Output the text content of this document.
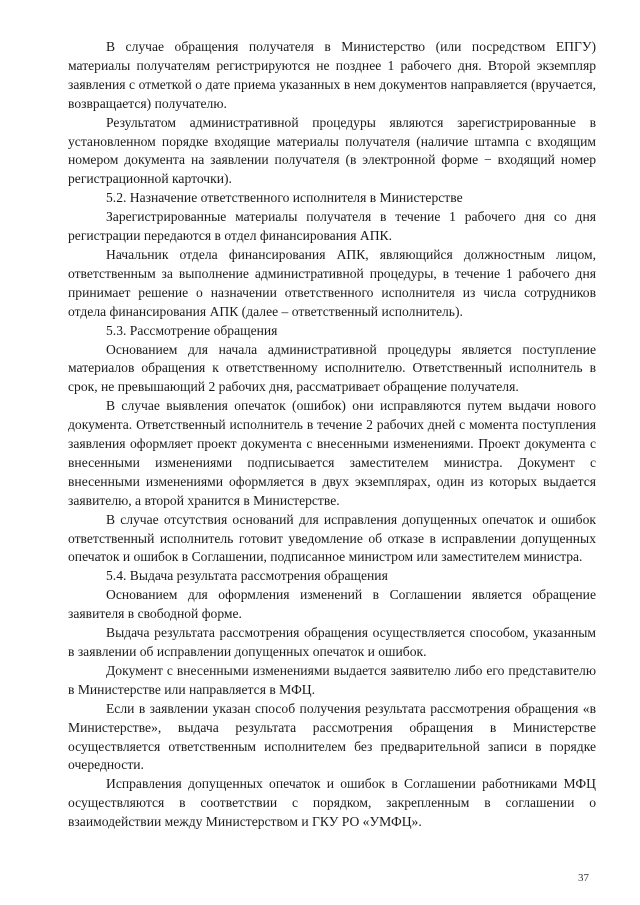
В случае обращения получателя в Министерство (или посредством ЕПГУ) материалы получателям регистрируются не позднее 1 рабочего дня. Второй экземпляр заявления с отметкой о дате приема указанных в нем документов направляется (вручается, возвращается) получателю.

Результатом административной процедуры являются зарегистрированные в установленном порядке входящие материалы получателя (наличие штампа с входящим номером документа на заявлении получателя (в электронной форме − входящий номер регистрационной карточки).

5.2. Назначение ответственного исполнителя в Министерстве

Зарегистрированные материалы получателя в течение 1 рабочего дня со дня регистрации передаются в отдел финансирования АПК.

Начальник отдела финансирования АПК, являющийся должностным лицом, ответственным за выполнение административной процедуры, в течение 1 рабочего дня принимает решение о назначении ответственного исполнителя из числа сотрудников отдела финансирования АПК (далее – ответственный исполнитель).

5.3. Рассмотрение обращения

Основанием для начала административной процедуры является поступление материалов обращения к ответственному исполнителю. Ответственный исполнитель в срок, не превышающий 2 рабочих дня, рассматривает обращение получателя.

В случае выявления опечаток (ошибок) они исправляются путем выдачи нового документа. Ответственный исполнитель в течение 2 рабочих дней с момента поступления заявления оформляет проект документа с внесенными изменениями. Проект документа с внесенными изменениями подписывается заместителем министра. Документ с внесенными изменениями оформляется в двух экземплярах, один из которых выдается заявителю, а второй хранится в Министерстве.

В случае отсутствия оснований для исправления допущенных опечаток и ошибок ответственный исполнитель готовит уведомление об отказе в исправлении допущенных опечаток и ошибок в Соглашении, подписанное министром или заместителем министра.

5.4. Выдача результата рассмотрения обращения

Основанием для оформления изменений в Соглашении является обращение заявителя в свободной форме.

Выдача результата рассмотрения обращения осуществляется способом, указанным в заявлении об исправлении допущенных опечаток и ошибок.

Документ с внесенными изменениями выдается заявителю либо его представителю в Министерстве или направляется в МФЦ.

Если в заявлении указан способ получения результата рассмотрения обращения «в Министерстве», выдача результата рассмотрения обращения в Министерстве осуществляется ответственным исполнителем без предварительной записи в порядке очередности.

Исправления допущенных опечаток и ошибок в Соглашении работниками МФЦ осуществляются в соответствии с порядком, закрепленным в соглашении о взаимодействии между Министерством и ГКУ РО «УМФЦ».

37
